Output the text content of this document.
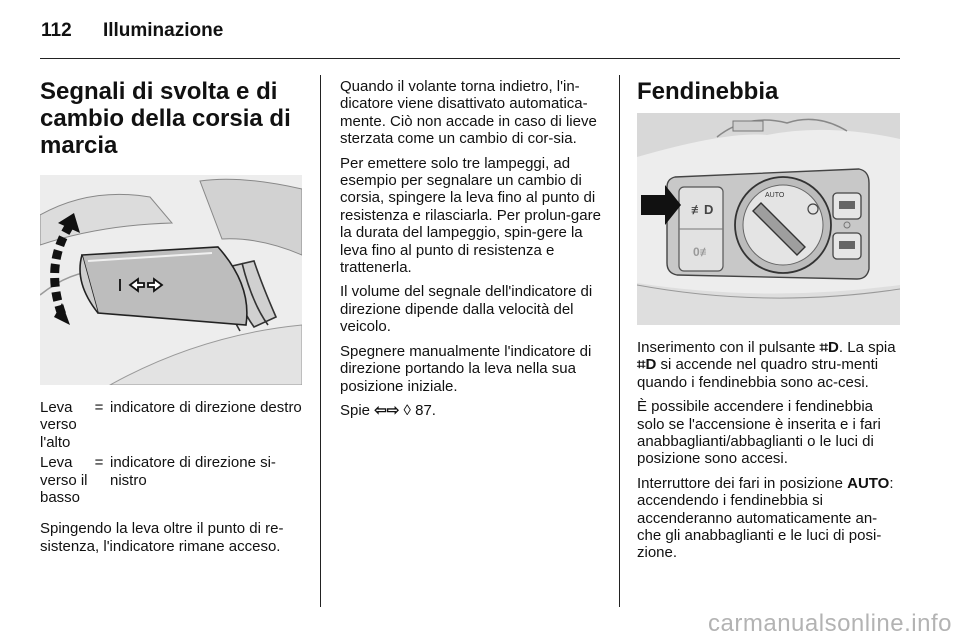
112 Illuminazione
Segnali di svolta e di cambio della corsia di marcia
Leva verso l'alto	=	indicatore di direzione destro
Leva verso il basso	=	indicatore di direzione si-nistro

Spingendo la leva oltre il punto di re-sistenza, l'indicatore rimane acceso.

Quando il volante torna indietro, l'in-dicatore viene disattivato automatica-mente. Ciò non accade in caso di lieve sterzata come un cambio di cor-sia.

Per emettere solo tre lampeggi, ad esempio per segnalare un cambio di corsia, spingere la leva fino al punto di resistenza e rilasciarla. Per prolun-gare la durata del lampeggio, spin-gere la leva fino al punto di resistenza e trattenerla.

Il volume del segnale dell'indicatore di direzione dipende dalla velocità del veicolo.

Spegnere manualmente l'indicatore di direzione portando la leva nella sua posizione iniziale.

Spie ⇦⇨ ◊ 87.

Fendinebbia
≢D
0≢
AUTO

Inserimento con il pulsante ⌗D. La spia ⌗D si accende nel quadro stru-menti quando i fendinebbia sono ac-cesi.

È possibile accendere i fendinebbia solo se l'accensione è inserita e i fari anabbaglianti/abbaglianti o le luci di posizione sono accesi.

Interruttore dei fari in posizione AUTO: accendendo i fendinebbia si accenderanno automaticamente an-che gli anabbaglianti e le luci di posi-zione.

carmanualsonline.info
